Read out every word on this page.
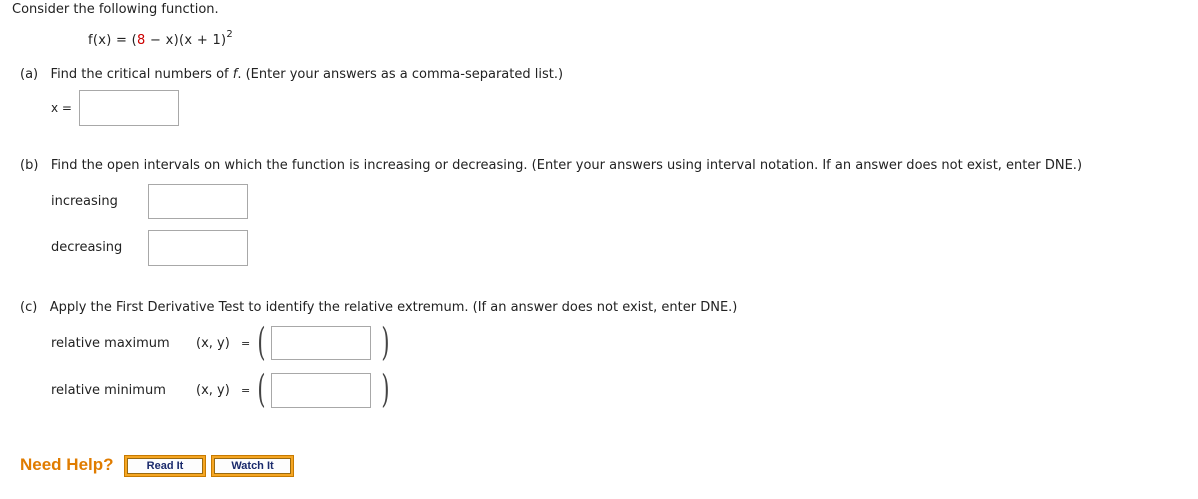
Consider the following function.
$f(x) = (8 - x)(x + 1)^2$
(a) Find the critical numbers of f. (Enter your answers as a comma-separated list.)
x =
(b) Find the open intervals on which the function is increasing or decreasing. (Enter your answers using interval notation. If an answer does not exist, enter DNE.)
increasing
decreasing
(c) Apply the First Derivative Test to identify the relative extremum. (If an answer does not exist, enter DNE.)
relative maximum (x, y) = (	)
relative minimum (x, y) = (	)
Need Help?	Read It	Watch It
